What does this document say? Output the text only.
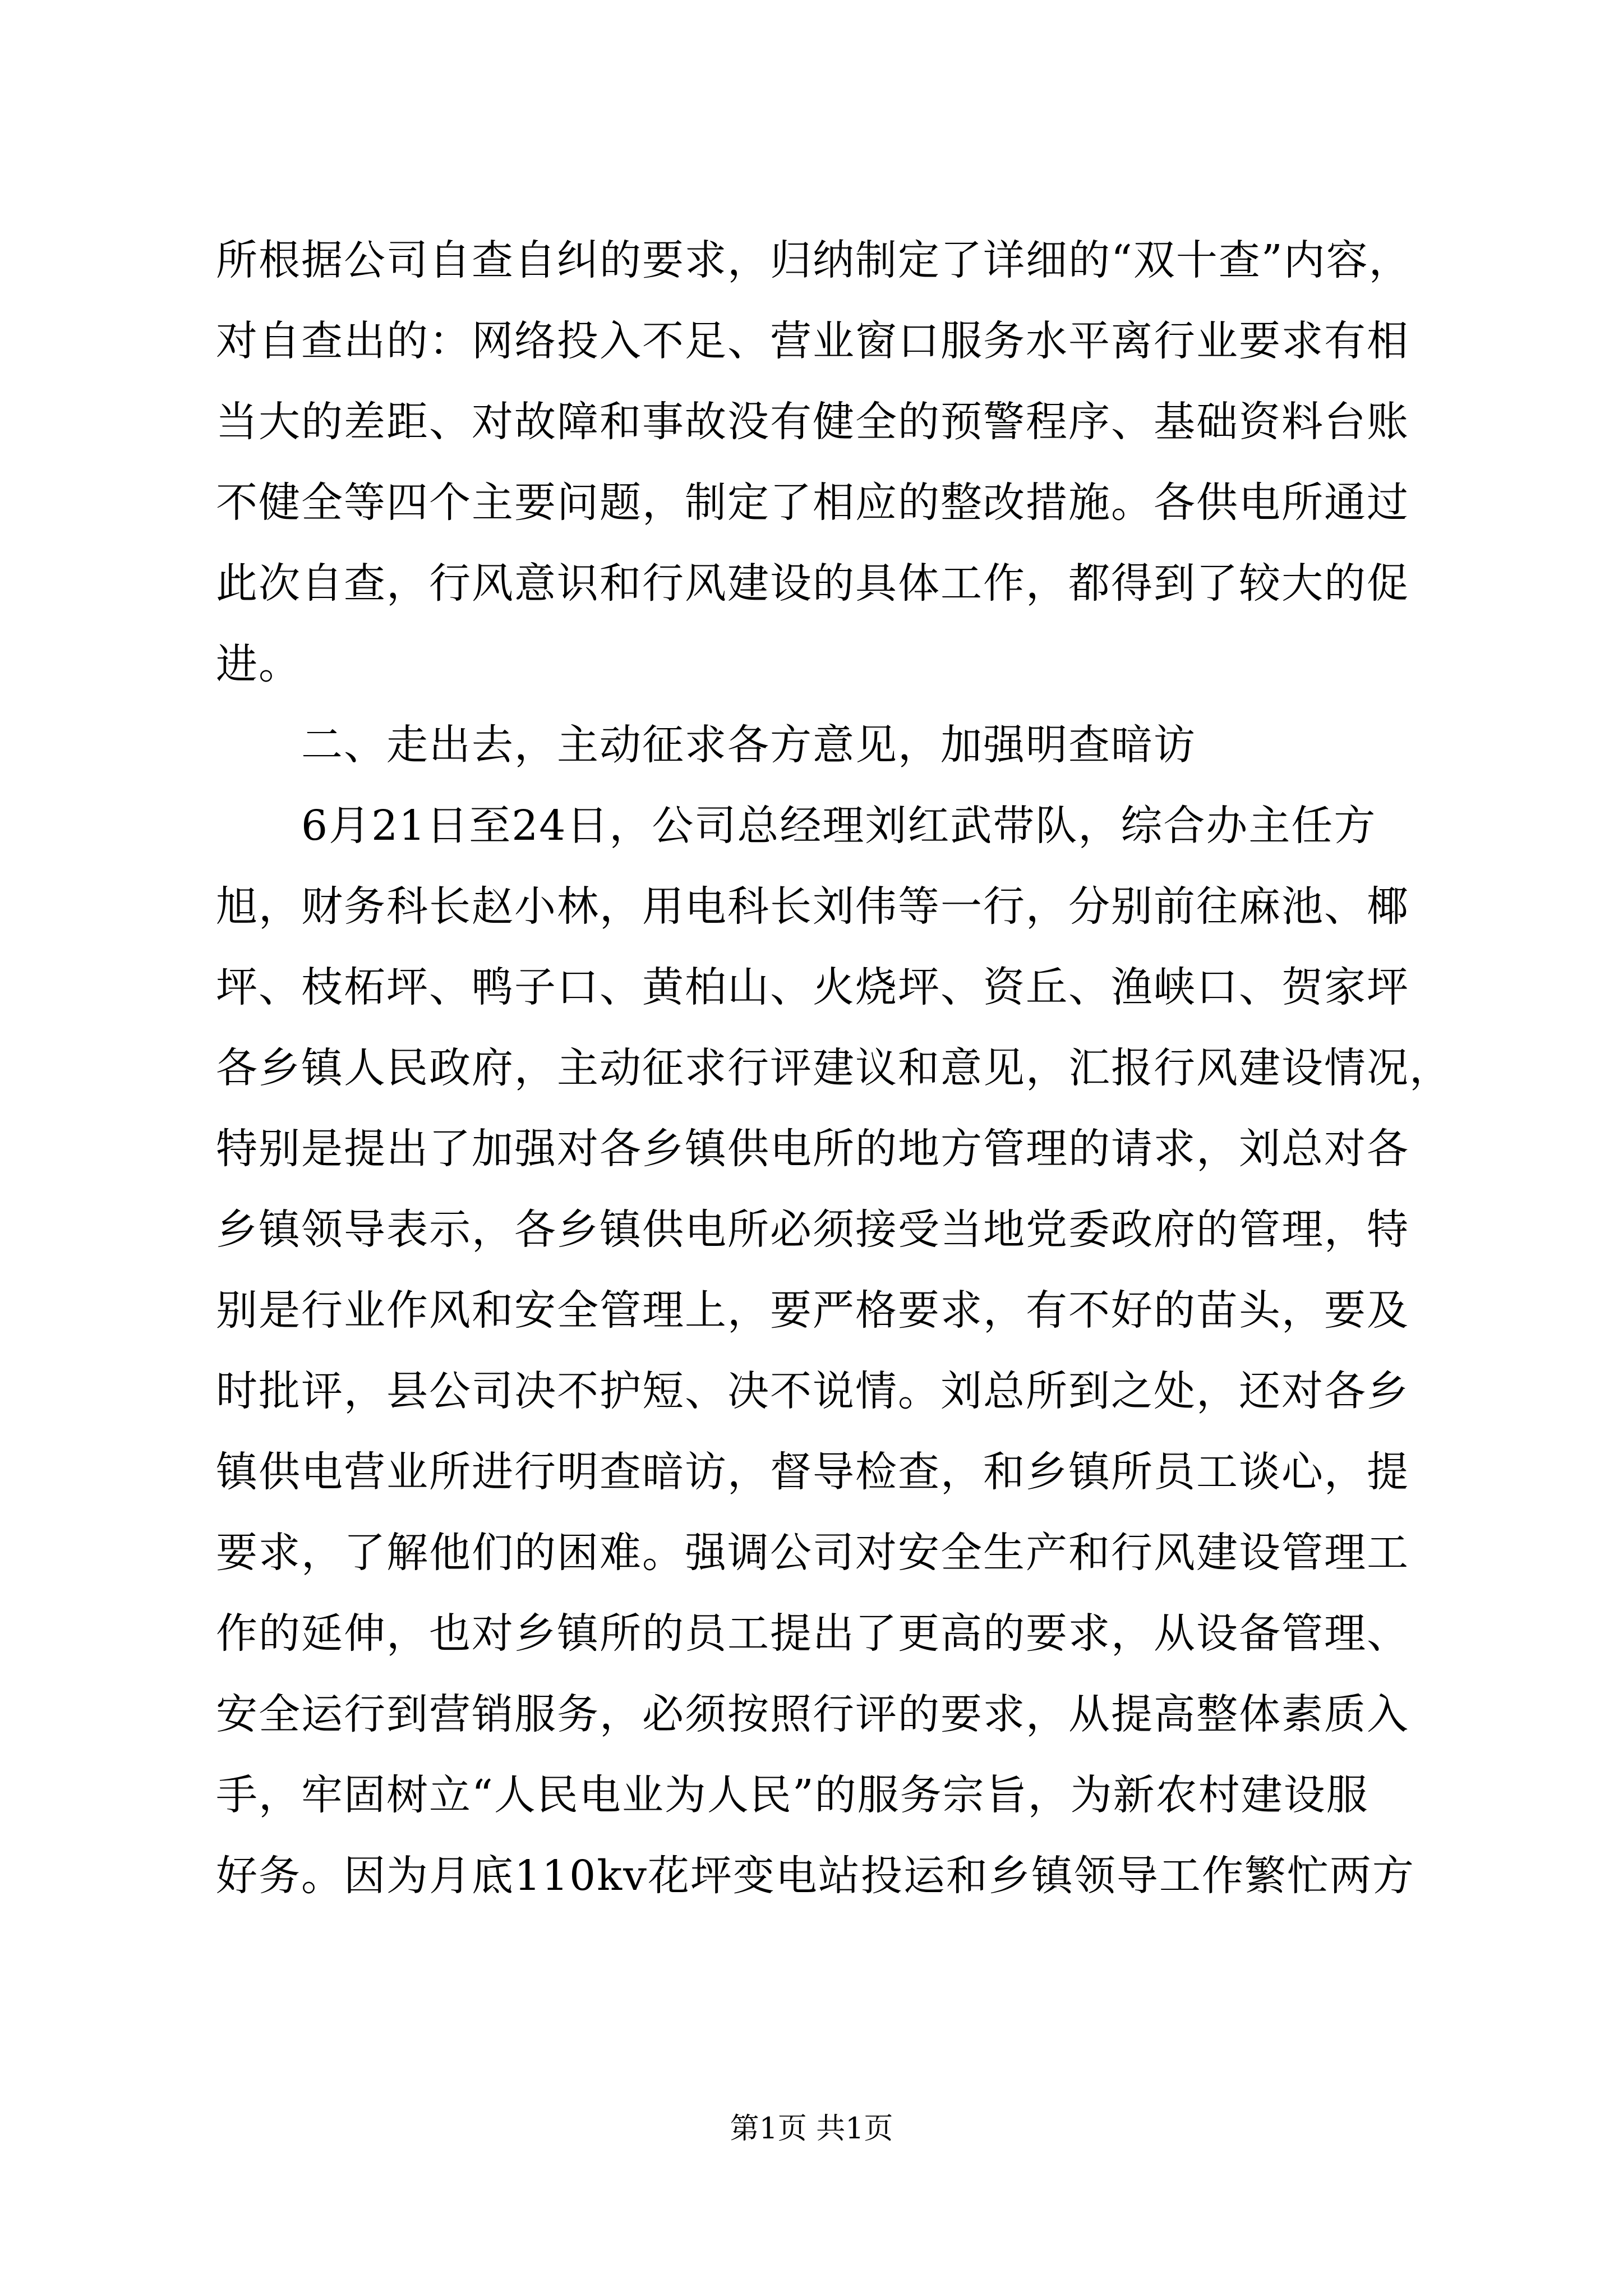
所根据公司自查自纠的要求，归纳制定了详细的“双十查”内容，
对自查出的：网络投入不足、营业窗口服务水平离行业要求有相
当大的差距、对故障和事故没有健全的预警程序、基础资料台账
不健全等四个主要问题，制定了相应的整改措施。各供电所通过
此次自查，行风意识和行风建设的具体工作，都得到了较大的促
进。
　　二、走出去，主动征求各方意见，加强明查暗访
　　6月21日至24日，公司总经理刘红武带队，综合办主任方
旭，财务科长赵小林，用电科长刘伟等一行，分别前往麻池、椰
坪、枝柘坪、鸭子口、黄柏山、火烧坪、资丘、渔峡口、贺家坪
各乡镇人民政府，主动征求行评建议和意见，汇报行风建设情况，
特别是提出了加强对各乡镇供电所的地方管理的请求，刘总对各
乡镇领导表示，各乡镇供电所必须接受当地党委政府的管理，特
别是行业作风和安全管理上，要严格要求，有不好的苗头，要及
时批评，县公司决不护短、决不说情。刘总所到之处，还对各乡
镇供电营业所进行明查暗访，督导检查，和乡镇所员工谈心，提
要求，了解他们的困难。强调公司对安全生产和行风建设管理工
作的延伸，也对乡镇所的员工提出了更高的要求，从设备管理、
安全运行到营销服务，必须按照行评的要求，从提高整体素质入
手，牢固树立“人民电业为人民”的服务宗旨，为新农村建设服
好务。因为月底110kv花坪变电站投运和乡镇领导工作繁忙两方
第1页 共1页
